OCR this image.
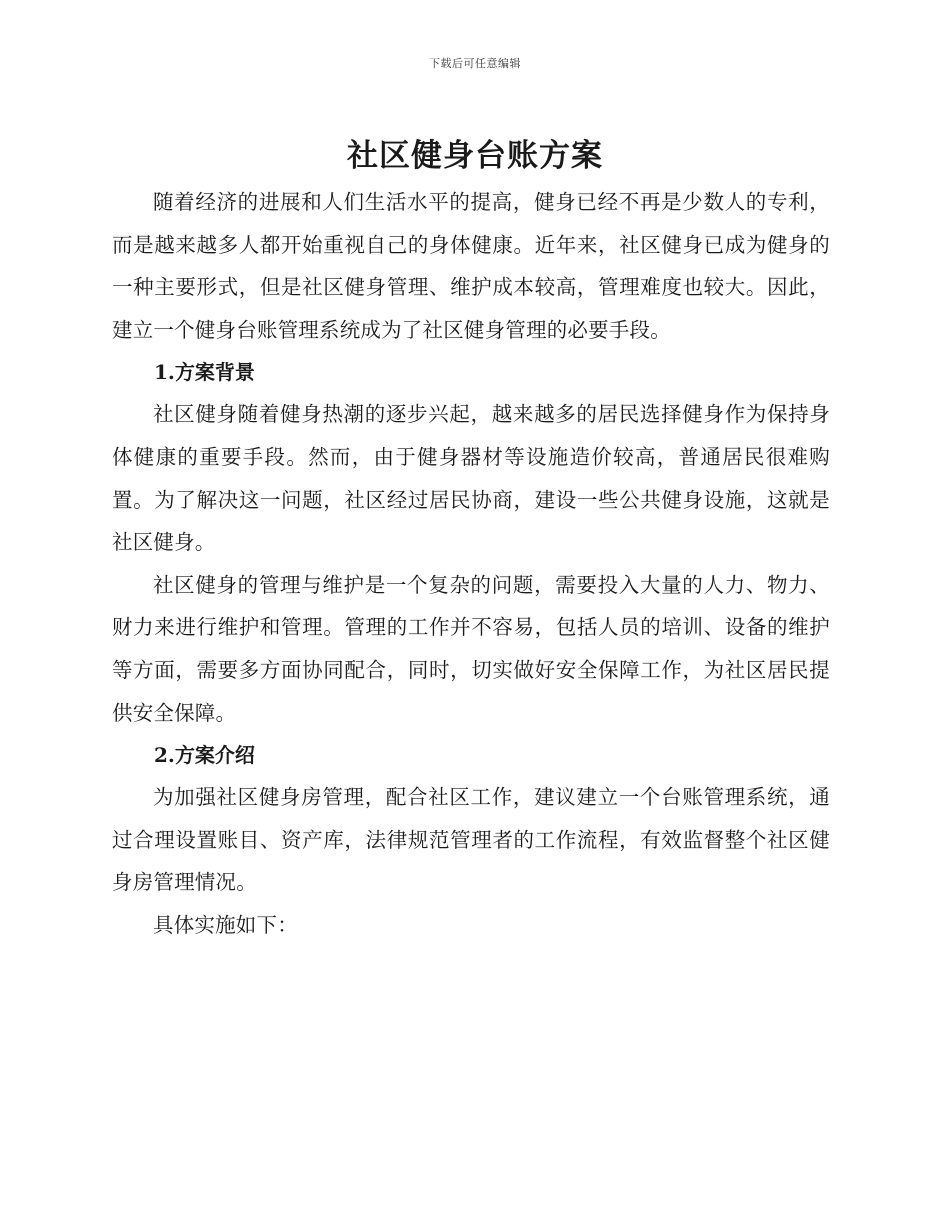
下载后可任意编辑
社区健身台账方案

随着经济的进展和人们生活水平的提高，健身已经不再是少数人的专利，而是越来越多人都开始重视自己的身体健康。近年来，社区健身已成为健身的一种主要形式，但是社区健身管理、维护成本较高，管理难度也较大。因此，建立一个健身台账管理系统成为了社区健身管理的必要手段。

1.方案背景

社区健身随着健身热潮的逐步兴起，越来越多的居民选择健身作为保持身体健康的重要手段。然而，由于健身器材等设施造价较高，普通居民很难购置。为了解决这一问题，社区经过居民协商，建设一些公共健身设施，这就是社区健身。

社区健身的管理与维护是一个复杂的问题，需要投入大量的人力、物力、财力来进行维护和管理。管理的工作并不容易，包括人员的培训、设备的维护等方面，需要多方面协同配合，同时，切实做好安全保障工作，为社区居民提供安全保障。

2.方案介绍

为加强社区健身房管理，配合社区工作，建议建立一个台账管理系统，通过合理设置账目、资产库，法律规范管理者的工作流程，有效监督整个社区健身房管理情况。

具体实施如下：
